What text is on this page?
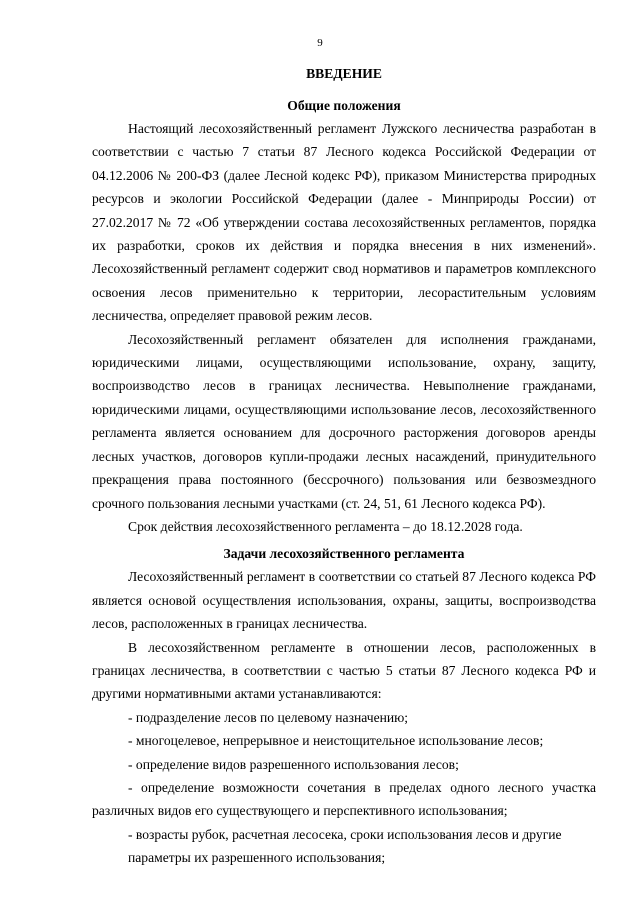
9
ВВЕДЕНИЕ
Общие положения

Настоящий лесохозяйственный регламент Лужского лесничества разработан в соответствии с частью 7 статьи 87 Лесного кодекса Российской Федерации от 04.12.2006 № 200-ФЗ (далее Лесной кодекс РФ), приказом Министерства природных ресурсов и экологии Российской Федерации (далее - Минприроды России) от 27.02.2017 № 72 «Об утверждении состава лесохозяйственных регламентов, порядка их разработки, сроков их действия и порядка внесения в них изменений». Лесохозяйственный регламент содержит свод нормативов и параметров комплексного освоения лесов применительно к территории, лесорастительным условиям лесничества, определяет правовой режим лесов.

Лесохозяйственный регламент обязателен для исполнения гражданами, юридическими лицами, осуществляющими использование, охрану, защиту, воспроизводство лесов в границах лесничества. Невыполнение гражданами, юридическими лицами, осуществляющими использование лесов, лесохозяйственного регламента является основанием для досрочного расторжения договоров аренды лесных участков, договоров купли-продажи лесных насаждений, принудительного прекращения права постоянного (бессрочного) пользования или безвозмездного срочного пользования лесными участками (ст. 24, 51, 61 Лесного кодекса РФ).

Срок действия лесохозяйственного регламента – до 18.12.2028 года.

Задачи лесохозяйственного регламента

Лесохозяйственный регламент в соответствии со статьей 87 Лесного кодекса РФ является основой осуществления использования, охраны, защиты, воспроизводства лесов, расположенных в границах лесничества.

В лесохозяйственном регламенте в отношении лесов, расположенных в границах лесничества, в соответствии с частью 5 статьи 87 Лесного кодекса РФ и другими нормативными актами устанавливаются:

- подразделение лесов по целевому назначению;

- многоцелевое, непрерывное и неистощительное использование лесов;

- определение видов разрешенного использования лесов;

- определение возможности сочетания в пределах одного лесного участка различных видов его существующего и перспективного использования;

- возрасты рубок, расчетная лесосека, сроки использования лесов и другие

параметры их разрешенного использования;
